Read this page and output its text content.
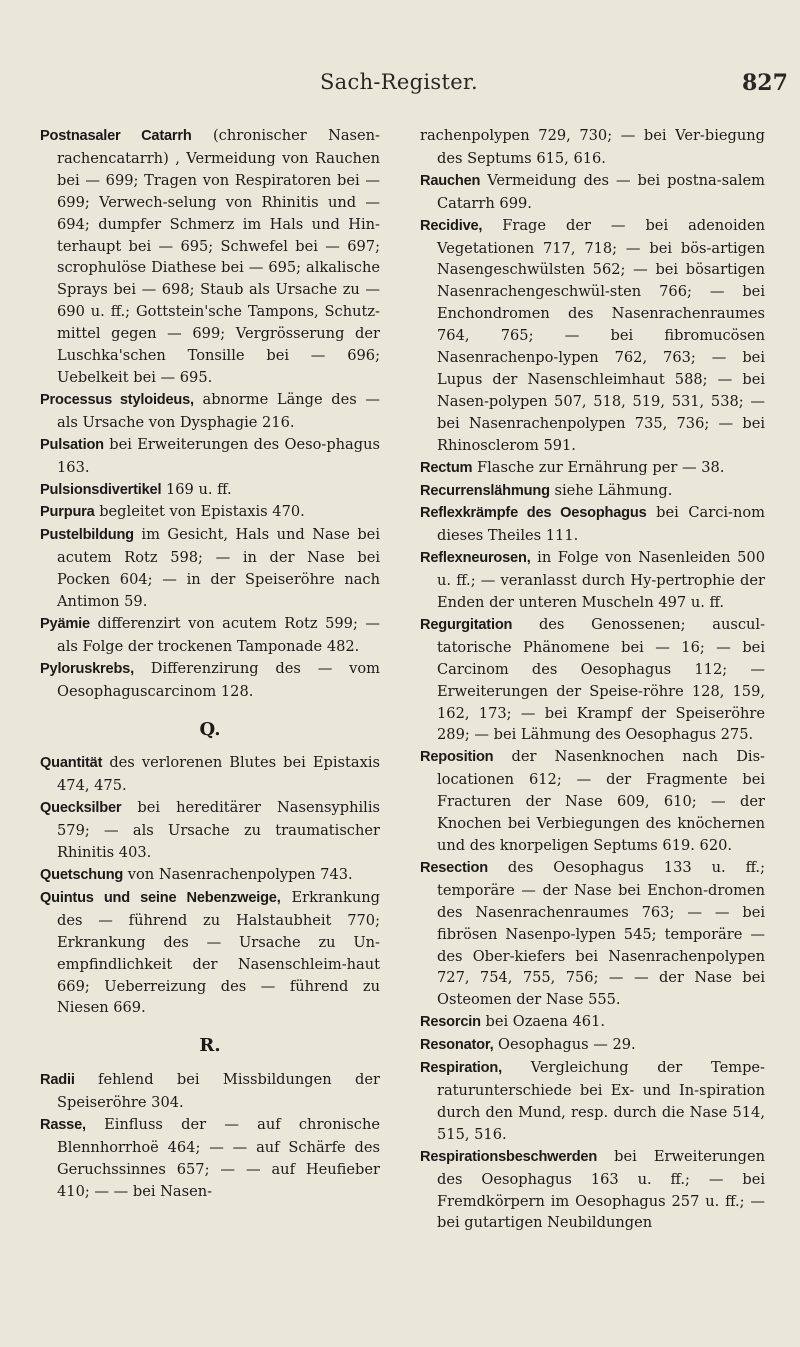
Sach-Register.	827

Postnasaler Catarrh (chronischer Nasen-rachencatarrh) , Vermeidung von Rauchen bei — 699; Tragen von Respiratoren bei — 699; Verwech-selung von Rhinitis und — 694; dumpfer Schmerz im Hals und Hin-terhaupt bei — 695; Schwefel bei — 697; scrophulöse Diathese bei — 695; alkalische Sprays bei — 698; Staub als Ursache zu — 690 u. ff.; Gottstein'sche Tampons, Schutz-mittel gegen — 699; Vergrösserung der Luschka'schen Tonsille bei — 696; Uebelkeit bei — 695.

Processus styloideus, abnorme Länge des — als Ursache von Dysphagie 216.

Pulsation bei Erweiterungen des Oeso-phagus 163.

Pulsionsdivertikel 169 u. ff.

Purpura begleitet von Epistaxis 470.

Pustelbildung im Gesicht, Hals und Nase bei acutem Rotz 598; — in der Nase bei Pocken 604; — in der Speiseröhre nach Antimon 59.

Pyämie differenzirt von acutem Rotz 599; — als Folge der trockenen Tamponade 482.

Pyloruskrebs, Differenzirung des — vom Oesophaguscarcinom 128.

Q.

Quantität des verlorenen Blutes bei Epistaxis 474, 475.

Quecksilber bei hereditärer Nasensyphilis 579; — als Ursache zu traumatischer Rhinitis 403.

Quetschung von Nasenrachenpolypen 743.

Quintus und seine Nebenzweige, Erkrankung des — führend zu Halstaubheit 770; Erkrankung des — Ursache zu Un-empfindlichkeit der Nasenschleim-haut 669; Ueberreizung des — führend zu Niesen 669.

R.

Radii fehlend bei Missbildungen der Speiseröhre 304.

Rasse, Einfluss der — auf chronische Blennhorrhoë 464; — — auf Schärfe des Geruchssinnes 657; — — auf Heufieber 410; — — bei Nasen-

rachenpolypen 729, 730; — bei Ver-biegung des Septums 615, 616.

Rauchen Vermeidung des — bei postna-salem Catarrh 699.

Recidive, Frage der — bei adenoiden Vegetationen 717, 718; — bei bös-artigen Nasengeschwülsten 562; — bei bösartigen Nasenrachengeschwül-sten 766; — bei Enchondromen des Nasenrachenraumes 764, 765; — bei fibromucösen Nasenrachenpo-lypen 762, 763; — bei Lupus der Nasenschleimhaut 588; — bei Nasen-polypen 507, 518, 519, 531, 538; — bei Nasenrachenpolypen 735, 736; — bei Rhinosclerom 591.

Rectum Flasche zur Ernährung per — 38.

Recurrenslähmung siehe Lähmung.

Reflexkrämpfe des Oesophagus bei Carci-nom dieses Theiles 111.

Reflexneurosen, in Folge von Nasenleiden 500 u. ff.; — veranlasst durch Hy-pertrophie der Enden der unteren Muscheln 497 u. ff.

Regurgitation des Genossenen; auscul-tatorische Phänomene bei — 16; — bei Carcinom des Oesophagus 112; — Erweiterungen der Speise-röhre 128, 159, 162, 173; — bei Krampf der Speiseröhre 289; — bei Lähmung des Oesophagus 275.

Reposition der Nasenknochen nach Dis-locationen 612; — der Fragmente bei Fracturen der Nase 609, 610; — der Knochen bei Verbiegungen des knöchernen und des knorpeligen Septums 619. 620.

Resection des Oesophagus 133 u. ff.; temporäre — der Nase bei Enchon-dromen des Nasenrachenraumes 763; — — bei fibrösen Nasenpo-lypen 545; temporäre — des Ober-kiefers bei Nasenrachenpolypen 727, 754, 755, 756; — — der Nase bei Osteomen der Nase 555.

Resorcin bei Ozaena 461.

Resonator, Oesophagus — 29.

Respiration, Vergleichung der Tempe-raturunterschiede bei Ex- und In-spiration durch den Mund, resp. durch die Nase 514, 515, 516.

Respirationsbeschwerden bei Erweiterungen des Oesophagus 163 u. ff.; — bei Fremdkörpern im Oesophagus 257 u. ff.; — bei gutartigen Neubildungen
